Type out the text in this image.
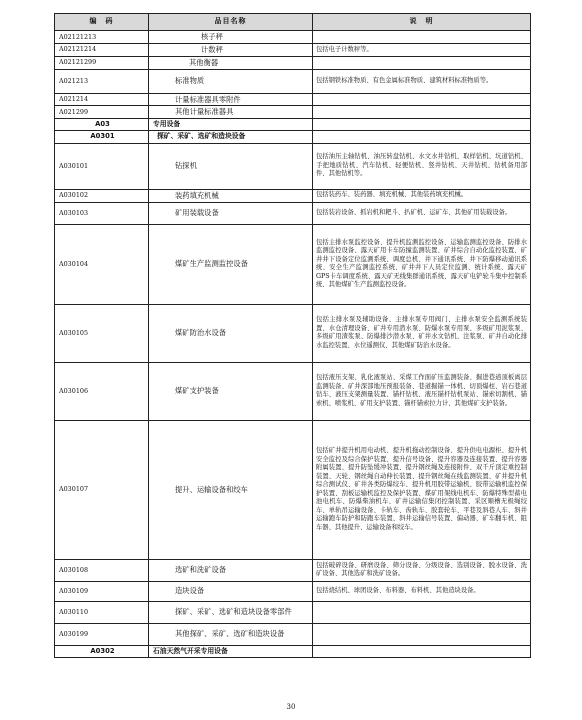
编　码	品目名称	说　明
A02121213	核子秤	
A02121214	计数秤	包括电子计数秤等。
A02121299	其他衡器	
A021213	标准物质	包括钢铁标准物质、有色金属标准物质、建筑材料标准物质等。
A021214	计量标准器具零附件	
A021299	其他计量标准器具	
A03	专用设备	
A0301	探矿、采矿、选矿和造块设备	
A030101	钻探机	包括油压主轴钻机、油压转盘钻机、水文水井钻机、取样钻机、坑道钻机、手把地质钻机、汽车钻机、轻便钻机、竖井钻机、天井钻机、钻机备用部件、其他钻机等。
A030102	装药填充机械	包括装药车、装药器、填充机械、其他装药填充机械。
A030103	矿用装载设备	包括装岩设备、抓岩机和耙斗、扒矿机、运矿车、其他矿用装载设备。
A030104	煤矿生产监测监控设备	包括主排水泵监控设备、提升机监测监控设备、运输监测监控设备、防排水监测监控设备、露天矿用卡车防撞监测装置、矿井综合自动化监控装置、矿井井下设备定位监测系统、调度总机、井下通讯系统、井下防爆移动通讯系统、安全生产监测监控系统、矿井井下人员定位监测、统计系统、露天矿GPS卡车调度系统、露天矿无线集群通讯系统、露天矿电铲轮斗集中控制系统、其他煤矿生产监测监控设备。
A030105	煤矿防治水设备	包括主排水泵及辅助设备、主排水泵专用阀门、主排水泵安全监测系统装置、水仓清理设备、矿井专用潜水泵、防爆水泵专用泵、多级矿用泥浆泵、多级矿用渣浆泵、防爆排沙潜水泵、矿井水文钻机、注浆泵、矿井自动化排水监控装置、水位遥测仪、其他煤矿防治水设备。
A030106	煤矿支护装备	包括液压支架、乳化液泵站、采煤工作面矿压监测装备、掘进巷道顶板离层监测装备、矿井深部地压预报装备、巷道掘锚一体机、切顶爆柱、岩石巷道钻车、液压支架测量装置、锚杆钻机、液压锚杆钻机泵站、锚索切割机、锚索机、喷浆机、矿用支护装置、锚杆锚索拉力计、其他煤矿支护装备。
A030107	提升、运输设备和绞车	包括矿井提升机用电动机、提升机拖动控制设备、提升供电电源柜、提升机安全监控及综合保护装置、提升信号设备、提升容器及连接装置、提升容器附属装置、提升防坠缓冲装置、提升钢丝绳及连接附件、双千斤顶定重控制装置、天轮、钢丝绳自动伸长装置、提升钢丝绳在线监测装置、矿井提升机综合测试仪、矿井各类防爆绞车、提升机用胶带运输机、胶带运输机监控保护装置、刮板运输机监控及保护装置、煤矿用架线电机车、防爆特殊型蓄电池电机车、防爆柴油机车、矿井运输信集闭控制装置、采区顺槽无极绳绞车、单轨吊运输设备、卡轨车、齿轨车、胶套轮车、平巷及斜巷人车、斜井运输跑车防护和防跑车装置、斜井运输信号装置、偏动器、矿车翻车机、阻车器、其他提升、运输设备和绞车。
A030108	选矿和洗矿设备	包括破碎设备、研磨设备、筛分设备、分级设备、选别设备、脱水设备、洗矿设备、其他选矿和洗矿设备。
A030109	造块设备	包括烧结机、球团设备、布料器、布料机、其他造块设备。
A030110	探矿、采矿、选矿和造块设备零部件	
A030199	其他探矿、采矿、选矿和造块设备	
A0302	石油天然气开采专用设备	
30
